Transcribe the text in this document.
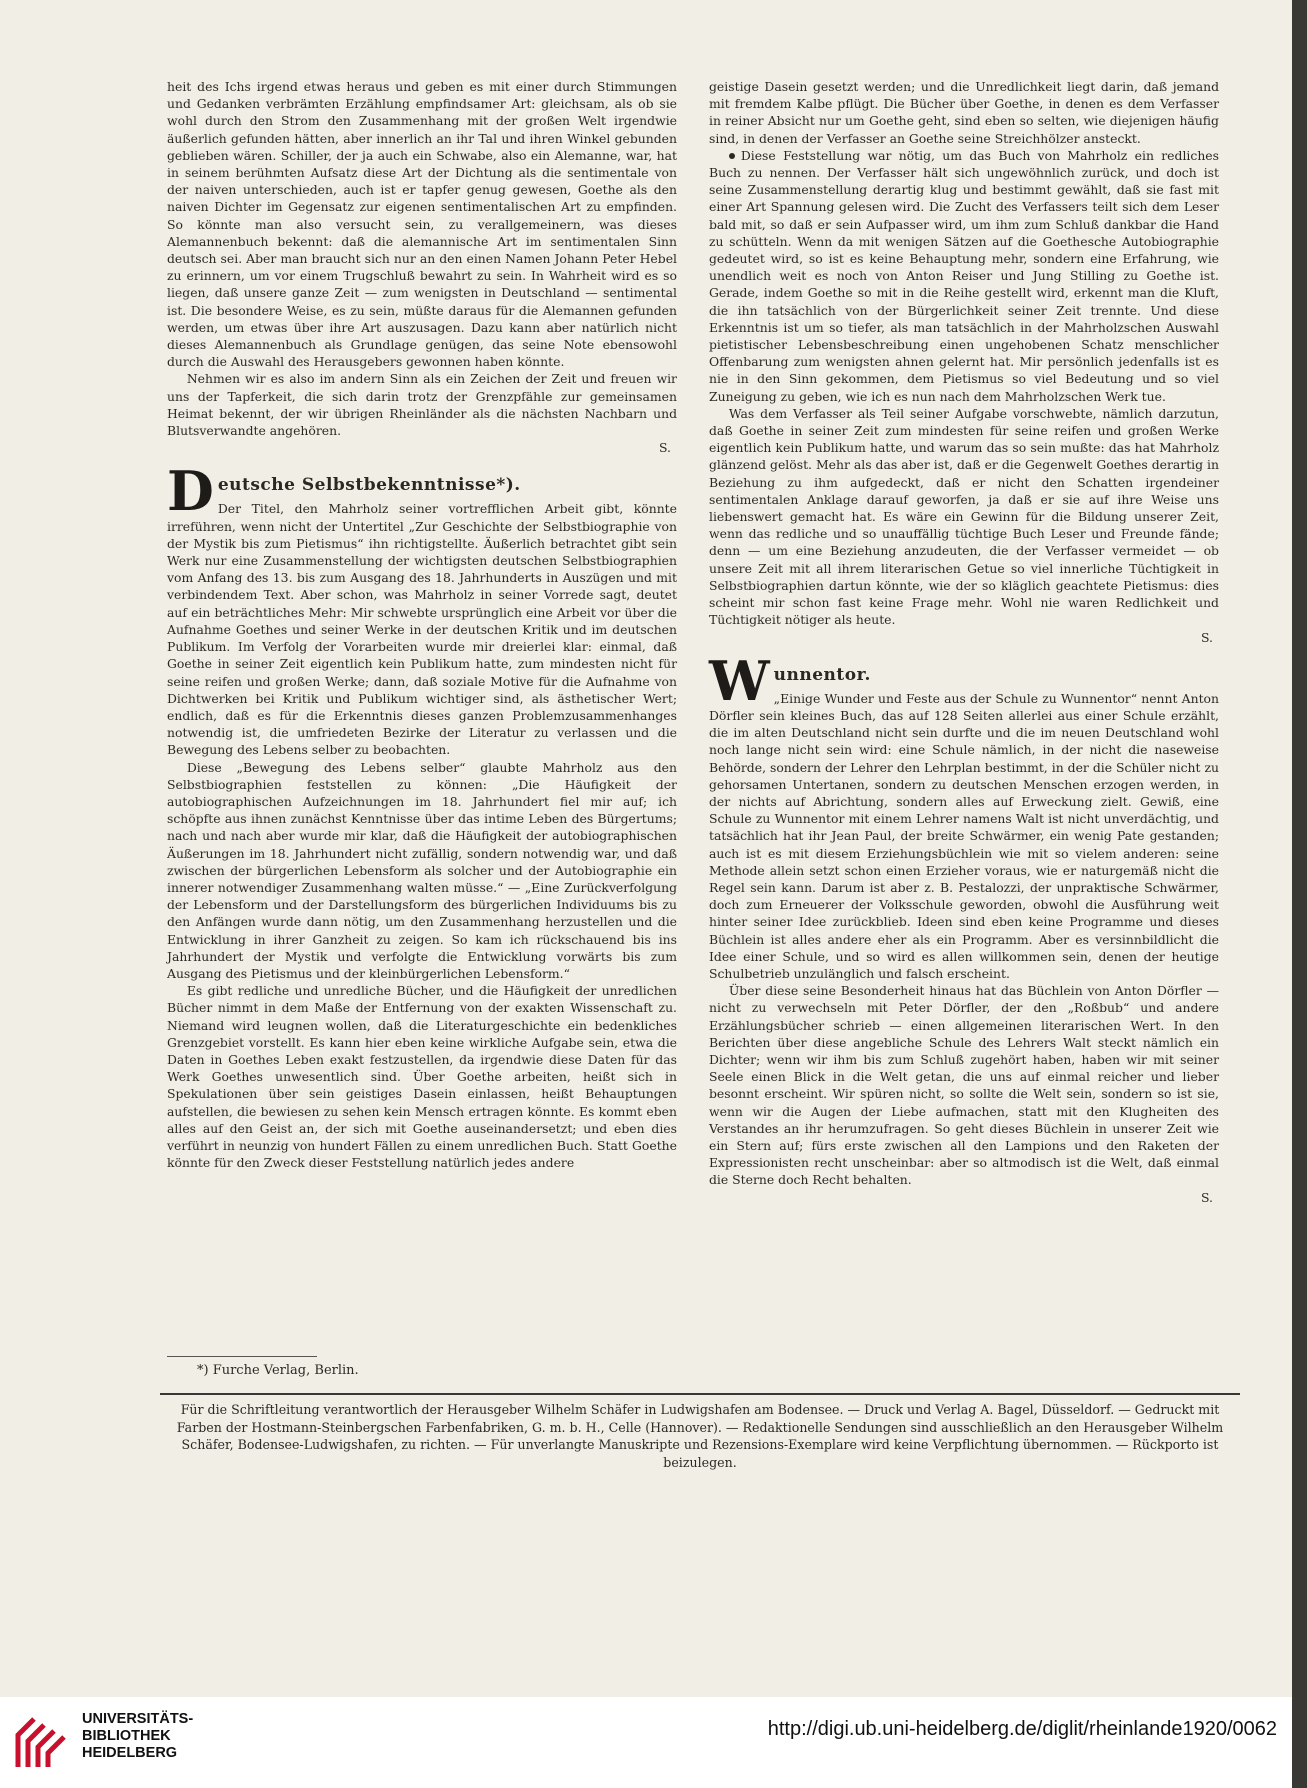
heit des Ichs irgend etwas heraus und geben es mit einer durch Stimmungen und Gedanken verbrämten Erzählung empfindsamer Art: gleichsam, als ob sie wohl durch den Strom den Zusammenhang mit der großen Welt irgendwie äußerlich gefunden hätten, aber innerlich an ihr Tal und ihren Winkel gebunden geblieben wären. Schiller, der ja auch ein Schwabe, also ein Alemanne, war, hat in seinem berühmten Aufsatz diese Art der Dichtung als die sentimentale von der naiven unterschieden, auch ist er tapfer genug gewesen, Goethe als den naiven Dichter im Gegensatz zur eigenen sentimentalischen Art zu empfinden. So könnte man also versucht sein, zu verallgemeinern, was dieses Alemannenbuch bekennt: daß die alemannische Art im sentimentalen Sinn deutsch sei. Aber man braucht sich nur an den einen Namen Johann Peter Hebel zu erinnern, um vor einem Trugschluß bewahrt zu sein. In Wahrheit wird es so liegen, daß unsere ganze Zeit — zum wenigsten in Deutschland — sentimental ist. Die besondere Weise, es zu sein, müßte daraus für die Alemannen gefunden werden, um etwas über ihre Art auszusagen. Dazu kann aber natürlich nicht dieses Alemannenbuch als Grundlage genügen, das seine Note ebensowohl durch die Auswahl des Herausgebers gewonnen haben könnte.

Nehmen wir es also im andern Sinn als ein Zeichen der Zeit und freuen wir uns der Tapferkeit, die sich darin trotz der Grenzpfähle zur gemeinsamen Heimat bekennt, der wir übrigen Rheinländer als die nächsten Nachbarn und Blutsverwandte angehören.

S.

D eutsche Selbstbekenntnisse*).

Der Titel, den Mahrholz seiner vortrefflichen Arbeit gibt, könnte irreführen, wenn nicht der Untertitel „Zur Geschichte der Selbstbiographie von der Mystik bis zum Pietismus“ ihn richtigstellte. Äußerlich betrachtet gibt sein Werk nur eine Zusammenstellung der wichtigsten deutschen Selbstbiographien vom Anfang des 13. bis zum Ausgang des 18. Jahrhunderts in Auszügen und mit verbindendem Text. Aber schon, was Mahrholz in seiner Vorrede sagt, deutet auf ein beträchtliches Mehr: Mir schwebte ursprünglich eine Arbeit vor über die Aufnahme Goethes und seiner Werke in der deutschen Kritik und im deutschen Publikum. Im Verfolg der Vorarbeiten wurde mir dreierlei klar: einmal, daß Goethe in seiner Zeit eigentlich kein Publikum hatte, zum mindesten nicht für seine reifen und großen Werke; dann, daß soziale Motive für die Aufnahme von Dichtwerken bei Kritik und Publikum wichtiger sind, als ästhetischer Wert; endlich, daß es für die Erkenntnis dieses ganzen Problemzusammenhanges notwendig ist, die umfriedeten Bezirke der Literatur zu verlassen und die Bewegung des Lebens selber zu beobachten.

Diese „Bewegung des Lebens selber“ glaubte Mahrholz aus den Selbstbiographien feststellen zu können: „Die Häufigkeit der autobiographischen Aufzeichnungen im 18. Jahrhundert fiel mir auf; ich schöpfte aus ihnen zunächst Kenntnisse über das intime Leben des Bürgertums; nach und nach aber wurde mir klar, daß die Häufigkeit der autobiographischen Äußerungen im 18. Jahrhundert nicht zufällig, sondern notwendig war, und daß zwischen der bürgerlichen Lebensform als solcher und der Autobiographie ein innerer notwendiger Zusammenhang walten müsse.“ — „Eine Zurückverfolgung der Lebensform und der Darstellungsform des bürgerlichen Individuums bis zu den Anfängen wurde dann nötig, um den Zusammenhang herzustellen und die Entwicklung in ihrer Ganzheit zu zeigen. So kam ich rückschauend bis ins Jahrhundert der Mystik und verfolgte die Entwicklung vorwärts bis zum Ausgang des Pietismus und der kleinbürgerlichen Lebensform.“

Es gibt redliche und unredliche Bücher, und die Häufigkeit der unredlichen Bücher nimmt in dem Maße der Entfernung von der exakten Wissenschaft zu. Niemand wird leugnen wollen, daß die Literaturgeschichte ein bedenkliches Grenzgebiet vorstellt. Es kann hier eben keine wirkliche Aufgabe sein, etwa die Daten in Goethes Leben exakt festzustellen, da irgendwie diese Daten für das Werk Goethes unwesentlich sind. Über Goethe arbeiten, heißt sich in Spekulationen über sein geistiges Dasein einlassen, heißt Behauptungen aufstellen, die bewiesen zu sehen kein Mensch ertragen könnte. Es kommt eben alles auf den Geist an, der sich mit Goethe auseinandersetzt; und eben dies verführt in neunzig von hundert Fällen zu einem unredlichen Buch. Statt Goethe könnte für den Zweck dieser Feststellung natürlich jedes andere

geistige Dasein gesetzt werden; und die Unredlichkeit liegt darin, daß jemand mit fremdem Kalbe pflügt. Die Bücher über Goethe, in denen es dem Verfasser in reiner Absicht nur um Goethe geht, sind eben so selten, wie diejenigen häufig sind, in denen der Verfasser an Goethe seine Streichhölzer ansteckt.

Diese Feststellung war nötig, um das Buch von Mahrholz ein redliches Buch zu nennen. Der Verfasser hält sich ungewöhnlich zurück, und doch ist seine Zusammenstellung derartig klug und bestimmt gewählt, daß sie fast mit einer Art Spannung gelesen wird. Die Zucht des Verfassers teilt sich dem Leser bald mit, so daß er sein Aufpasser wird, um ihm zum Schluß dankbar die Hand zu schütteln. Wenn da mit wenigen Sätzen auf die Goethesche Autobiographie gedeutet wird, so ist es keine Behauptung mehr, sondern eine Erfahrung, wie unendlich weit es noch von Anton Reiser und Jung Stilling zu Goethe ist. Gerade, indem Goethe so mit in die Reihe gestellt wird, erkennt man die Kluft, die ihn tatsächlich von der Bürgerlichkeit seiner Zeit trennte. Und diese Erkenntnis ist um so tiefer, als man tatsächlich in der Mahrholzschen Auswahl pietistischer Lebensbeschreibung einen ungehobenen Schatz menschlicher Offenbarung zum wenigsten ahnen gelernt hat. Mir persönlich jedenfalls ist es nie in den Sinn gekommen, dem Pietismus so viel Bedeutung und so viel Zuneigung zu geben, wie ich es nun nach dem Mahrholzschen Werk tue.

Was dem Verfasser als Teil seiner Aufgabe vorschwebte, nämlich darzutun, daß Goethe in seiner Zeit zum mindesten für seine reifen und großen Werke eigentlich kein Publikum hatte, und warum das so sein mußte: das hat Mahrholz glänzend gelöst. Mehr als das aber ist, daß er die Gegenwelt Goethes derartig in Beziehung zu ihm aufgedeckt, daß er nicht den Schatten irgendeiner sentimentalen Anklage darauf geworfen, ja daß er sie auf ihre Weise uns liebenswert gemacht hat. Es wäre ein Gewinn für die Bildung unserer Zeit, wenn das redliche und so unauffällig tüchtige Buch Leser und Freunde fände; denn — um eine Beziehung anzudeuten, die der Verfasser vermeidet — ob unsere Zeit mit all ihrem literarischen Getue so viel innerliche Tüchtigkeit in Selbstbiographien dartun könnte, wie der so kläglich geachtete Pietismus: dies scheint mir schon fast keine Frage mehr. Wohl nie waren Redlichkeit und Tüchtigkeit nötiger als heute.

S.

W unnentor.

„Einige Wunder und Feste aus der Schule zu Wunnentor“ nennt Anton Dörfler sein kleines Buch, das auf 128 Seiten allerlei aus einer Schule erzählt, die im alten Deutschland nicht sein durfte und die im neuen Deutschland wohl noch lange nicht sein wird: eine Schule nämlich, in der nicht die naseweise Behörde, sondern der Lehrer den Lehrplan bestimmt, in der die Schüler nicht zu gehorsamen Untertanen, sondern zu deutschen Menschen erzogen werden, in der nichts auf Abrichtung, sondern alles auf Erweckung zielt. Gewiß, eine Schule zu Wunnentor mit einem Lehrer namens Walt ist nicht unverdächtig, und tatsächlich hat ihr Jean Paul, der breite Schwärmer, ein wenig Pate gestanden; auch ist es mit diesem Erziehungsbüchlein wie mit so vielem anderen: seine Methode allein setzt schon einen Erzieher voraus, wie er naturgemäß nicht die Regel sein kann. Darum ist aber z. B. Pestalozzi, der unpraktische Schwärmer, doch zum Erneuerer der Volksschule geworden, obwohl die Ausführung weit hinter seiner Idee zurückblieb. Ideen sind eben keine Programme und dieses Büchlein ist alles andere eher als ein Programm. Aber es versinnbildlicht die Idee einer Schule, und so wird es allen willkommen sein, denen der heutige Schulbetrieb unzulänglich und falsch erscheint.

Über diese seine Besonderheit hinaus hat das Büchlein von Anton Dörfler — nicht zu verwechseln mit Peter Dörfler, der den „Roßbub“ und andere Erzählungsbücher schrieb — einen allgemeinen literarischen Wert. In den Berichten über diese angebliche Schule des Lehrers Walt steckt nämlich ein Dichter; wenn wir ihm bis zum Schluß zugehört haben, haben wir mit seiner Seele einen Blick in die Welt getan, die uns auf einmal reicher und lieber besonnt erscheint. Wir spüren nicht, so sollte die Welt sein, sondern so ist sie, wenn wir die Augen der Liebe aufmachen, statt mit den Klugheiten des Verstandes an ihr herumzufragen. So geht dieses Büchlein in unserer Zeit wie ein Stern auf; fürs erste zwischen all den Lampions und den Raketen der Expressionisten recht unscheinbar: aber so altmodisch ist die Welt, daß einmal die Sterne doch Recht behalten.

S.

*) Furche Verlag, Berlin.
Für die Schriftleitung verantwortlich der Herausgeber Wilhelm Schäfer in Ludwigshafen am Bodensee. — Druck und Verlag A. Bagel, Düsseldorf. — Gedruckt mit Farben der Hostmann-Steinbergschen Farbenfabriken, G. m. b. H., Celle (Hannover). — Redaktionelle Sendungen sind ausschließlich an den Herausgeber Wilhelm Schäfer, Bodensee-Ludwigshafen, zu richten. — Für unverlangte Manuskripte und Rezensions-Exemplare wird keine Verpflichtung übernommen. — Rückporto ist beizulegen.
UNIVERSITÄTS-
BIBLIOTHEK
HEIDELBERG
http://digi.ub.uni-heidelberg.de/diglit/rheinlande1920/0062
